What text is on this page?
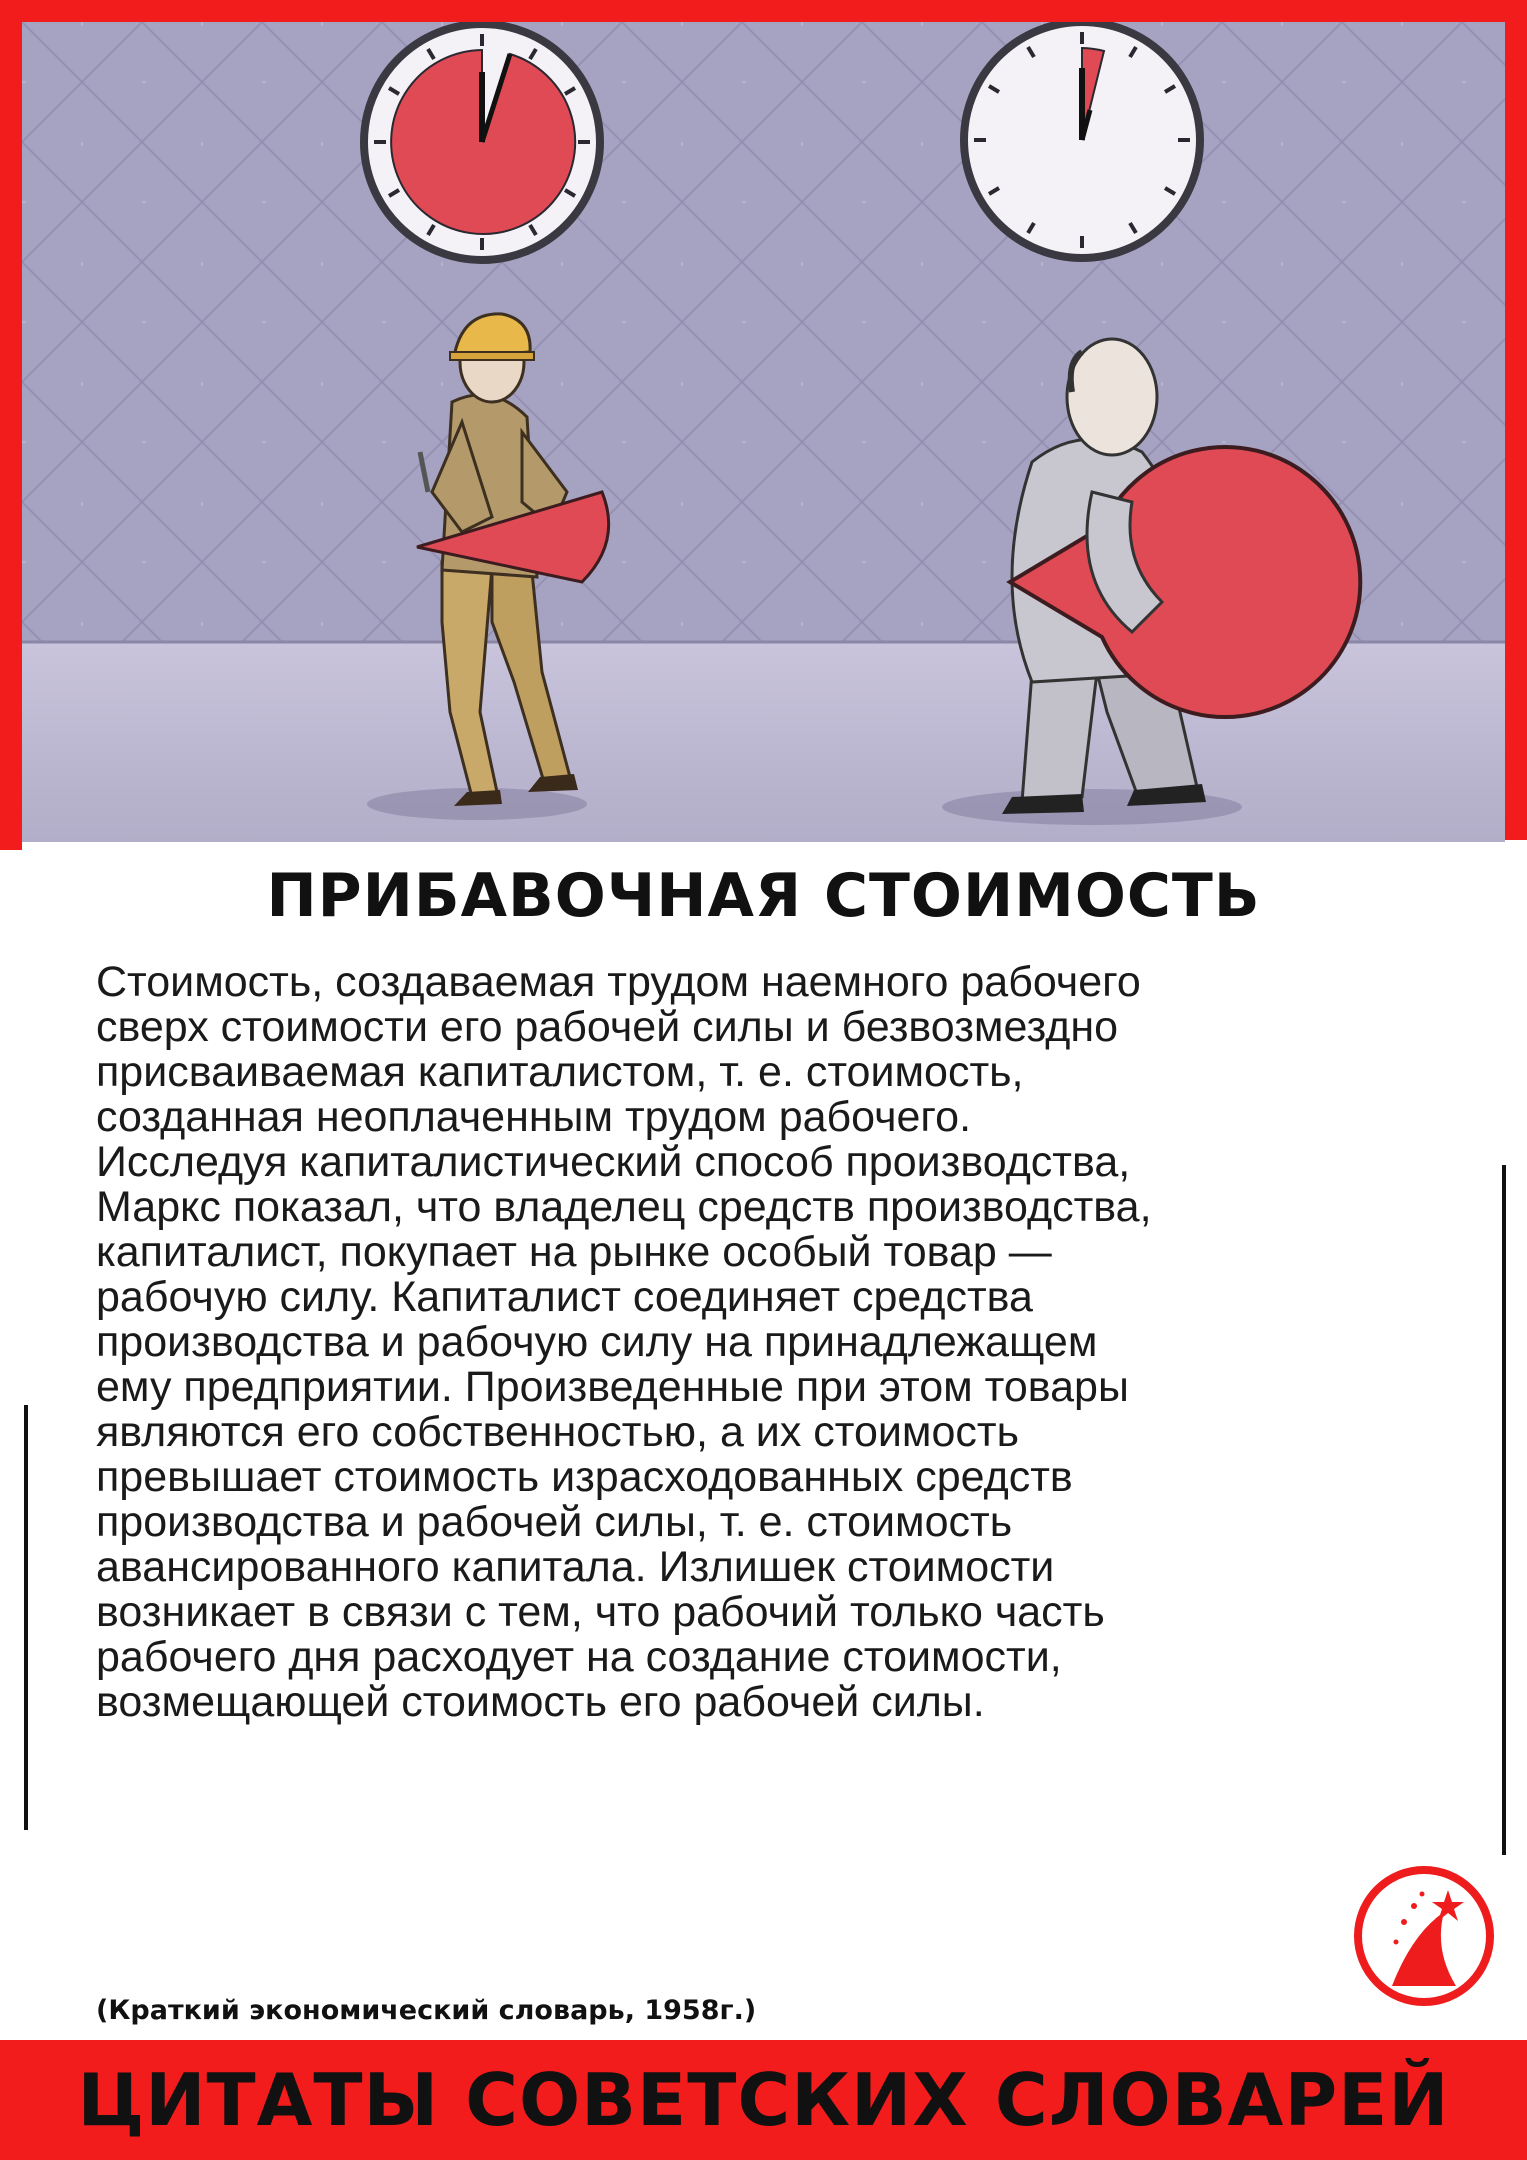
ПРИБАВОЧНАЯ СТОИМОСТЬ
Стоимость, создаваемая трудом наемного рабочего
сверх стоимости его рабочей силы и безвозмездно
присваиваемая капиталистом, т. е. стоимость,
созданная неоплаченным трудом рабочего.
Исследуя капиталистический способ производства,
Маркс показал, что владелец средств производства,
капиталист, покупает на рынке особый товар —
рабочую силу. Капиталист соединяет средства
производства и рабочую силу на принадлежащем
ему предприятии. Произведенные при этом товары
являются его собственностью, а их стоимость
превышает стоимость израсходованных средств
производства и рабочей силы, т. е. стоимость
авансированного капитала. Излишек стоимости
возникает в связи с тем, что рабочий только часть
рабочего дня расходует на создание стоимости,
возмещающей стоимость его рабочей силы.
(Краткий экономический словарь, 1958г.)
ЦИТАТЫ СОВЕТСКИХ СЛОВАРЕЙ
